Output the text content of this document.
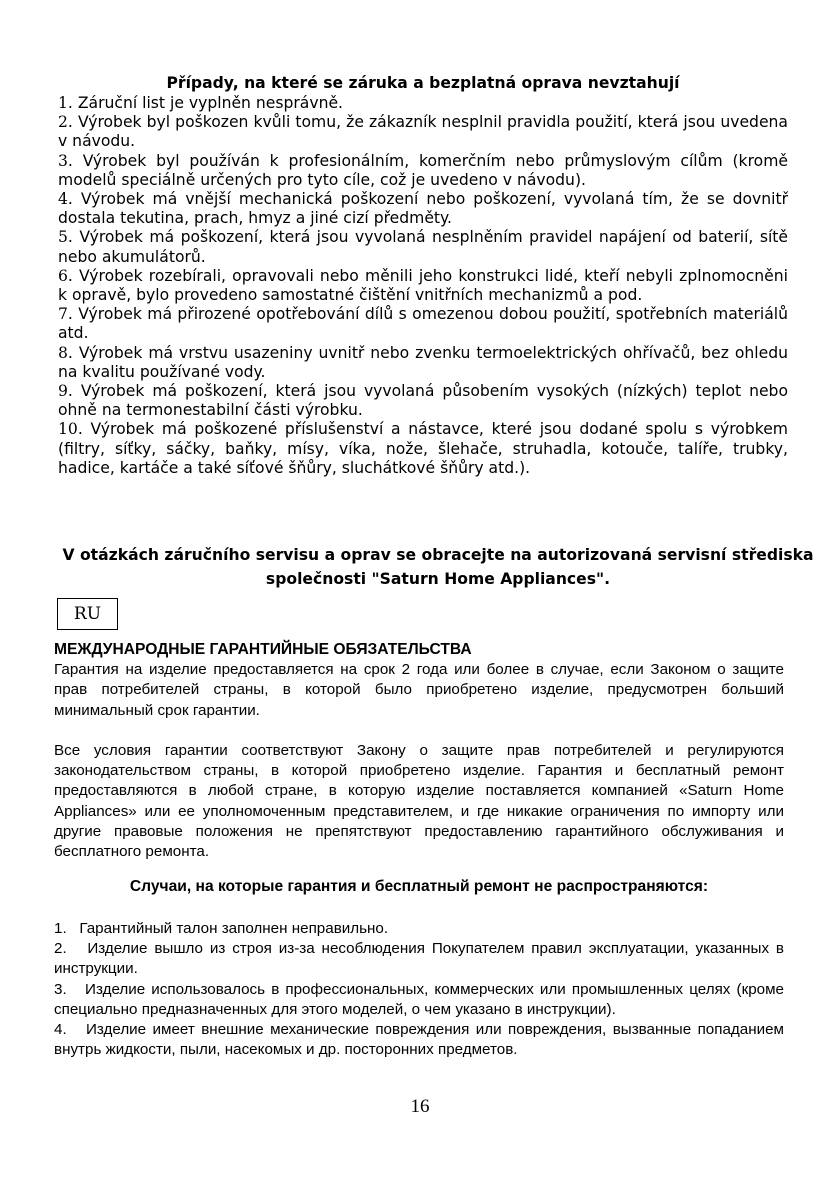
Případy, na které se záruka a bezplatná oprava nevztahují

1. Záruční list je vyplněn nesprávně.

2. Výrobek byl poškozen kvůli tomu, že zákazník nesplnil pravidla použití, která jsou uvedena v návodu.

3. Výrobek byl používán k profesionálním, komerčním nebo průmyslovým cílům (kromě modelů speciálně určených pro tyto cíle, což je uvedeno v návodu).

4. Výrobek má vnější mechanická poškození nebo poškození, vyvolaná tím, že se dovnitř dostala tekutina, prach, hmyz a jiné cizí předměty.

5. Výrobek má poškození, která jsou vyvolaná nesplněním pravidel napájení od baterií, sítě nebo akumulátorů.

6. Výrobek rozebírali, opravovali nebo měnili jeho konstrukci lidé, kteří nebyli zplnomocněni k opravě, bylo provedeno samostatné čištění vnitřních mechanizmů a pod.

7. Výrobek má přirozené opotřebování dílů s omezenou dobou použití, spotřebních materiálů atd.

8. Výrobek má vrstvu usazeniny uvnitř nebo zvenku termoelektrických ohřívačů, bez ohledu na kvalitu používané vody.

9. Výrobek má poškození, která jsou vyvolaná působením vysokých (nízkých) teplot nebo ohně na termonestabilní části výrobku.

10. Výrobek má poškozené příslušenství a nástavce, které jsou dodané spolu s výrobkem (filtry, síťky, sáčky, baňky, mísy, víka, nože, šlehače, struhadla, kotouče, talíře, trubky, hadice, kartáče a také síťové šňůry, sluchátkové šňůry atd.).

V otázkách záručního servisu a oprav se obracejte na autorizovaná servisní střediska společnosti "Saturn Home Appliances".
RU

МЕЖДУНАРОДНЫЕ ГАРАНТИЙНЫЕ ОБЯЗАТЕЛЬСТВА

Гарантия на изделие предоставляется на срок 2 года или более в случае, если Законом о защите прав потребителей страны, в которой было приобретено изделие, предусмотрен больший минимальный срок гарантии.

Все условия гарантии соответствуют Закону о защите прав потребителей и регулируются законодательством страны, в которой приобретено изделие. Гарантия и бесплатный ремонт предоставляются в любой стране, в которую изделие поставляется компанией «Saturn Home Appliances» или ее уполномоченным представителем, и где никакие ограничения по импорту или другие правовые положения не препятствуют предоставлению гарантийного обслуживания и бесплатного ремонта.

Случаи, на которые гарантия и бесплатный ремонт не распространяются:

1. Гарантийный талон заполнен неправильно.

2. Изделие вышло из строя из-за несоблюдения Покупателем правил эксплуатации, указанных в инструкции.

3. Изделие использовалось в профессиональных, коммерческих или промышленных целях (кроме специально предназначенных для этого моделей, о чем указано в инструкции).

4. Изделие имеет внешние механические повреждения или повреждения, вызванные попаданием внутрь жидкости, пыли, насекомых и др. посторонних предметов.

16
